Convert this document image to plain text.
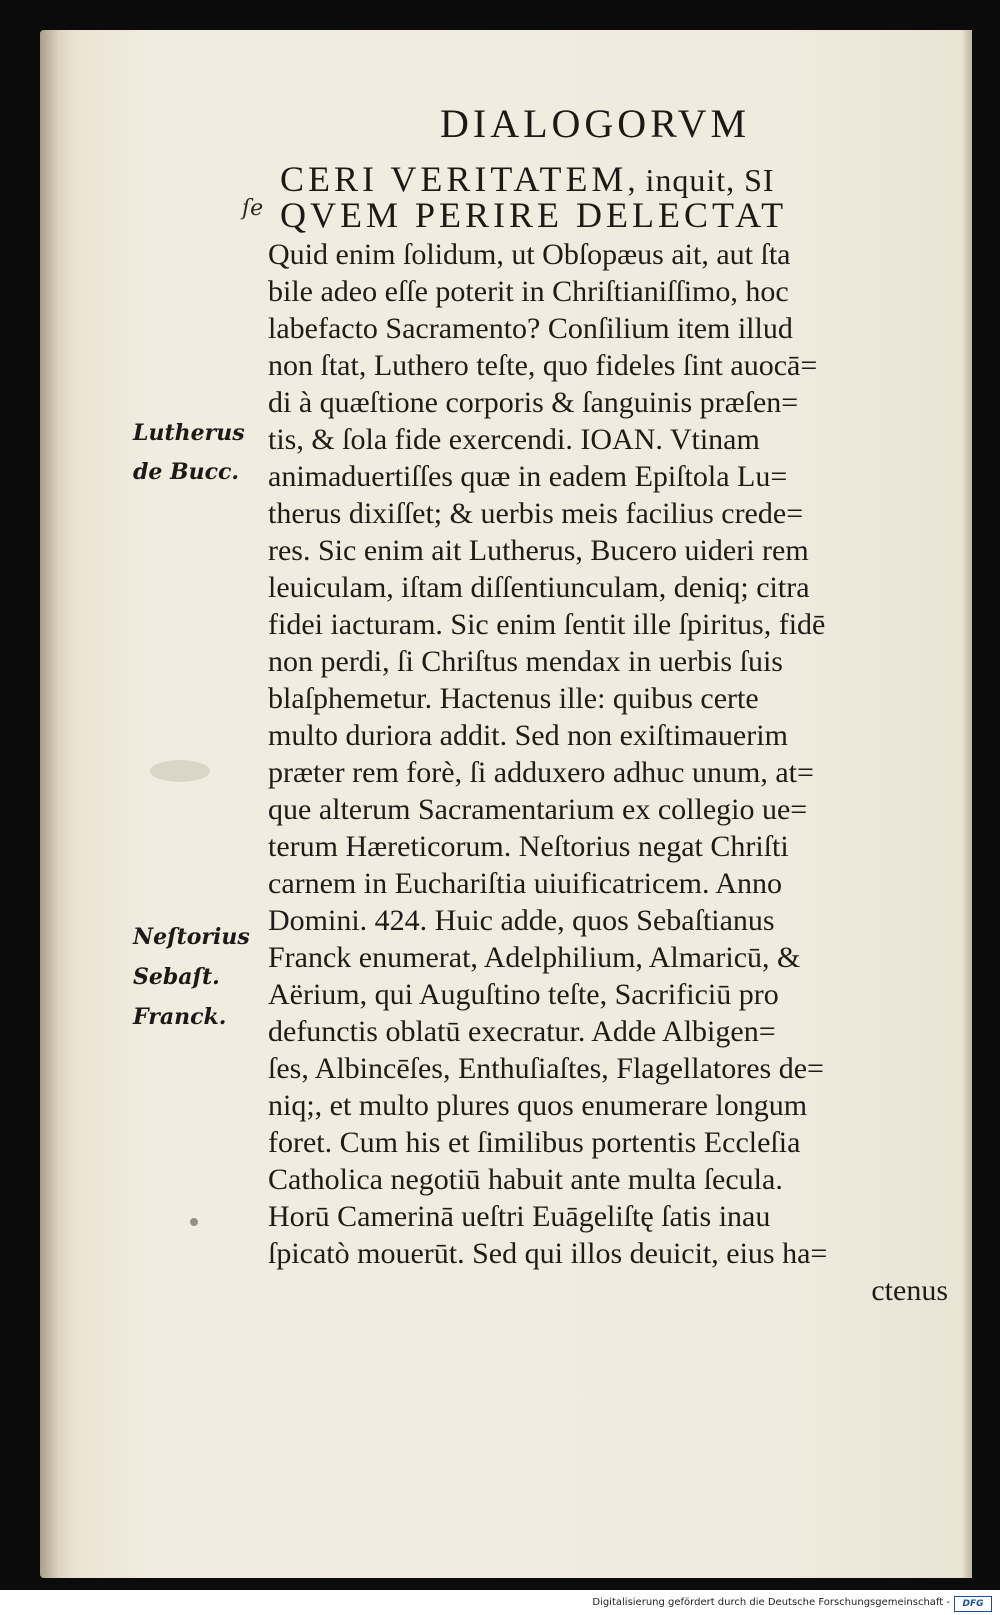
DIALOGORVM
CERI VERITATEM, inquit, SI
ſe QVEM PERIRE DELECTAT
Quid enim ſolidum, ut Obſopæus ait, aut ſta
bile adeo eſſe poterit in Chriſtianiſſimo, hoc
labefacto Sacramento? Conſilium item illud
non ſtat, Luthero teſte, quo fideles ſint auocā=
di à quæſtione corporis & ſanguinis præſen=
tis, & ſola fide exercendi. IOAN. Vtinam
animaduertiſſes quæ in eadem Epiſtola Lu=
therus dixiſſet; & uerbis meis facilius crede=
res. Sic enim ait Lutherus, Bucero uideri rem
leuiculam, iſtam diſſentiunculam, deniq; citra
fidei iacturam. Sic enim ſentit ille ſpiritus, fidē
non perdi, ſi Chriſtus mendax in uerbis ſuis
blaſphemetur. Hactenus ille: quibus certe
multo duriora addit. Sed non exiſtimauerim
præter rem forè, ſi adduxero adhuc unum, at=
que alterum Sacramentarium ex collegio ue=
terum Hæreticorum. Neſtorius negat Chriſti
carnem in Euchariſtia uiuificatricem. Anno
Domini. 424. Huic adde, quos Sebaſtianus
Franck enumerat, Adelphilium, Almaricū, &
Aërium, qui Auguſtino teſte, Sacrificiū pro
defunctis oblatū execratur. Adde Albigen=
ſes, Albincēſes, Enthuſiaſtes, Flagellatores de=
niq;, et multo plures quos enumerare longum
foret. Cum his et ſimilibus portentis Eccleſia
Catholica negotiū habuit ante multa ſecula.
Horū Camerinā ueſtri Euāgeliſtę ſatis inau
ſpicatò mouerūt. Sed qui illos deuicit, eius ha=
ctenus
Lutherus
de Bucc.
Neſtorius
Sebaſt.
Franck.
Digitalisierung gefördert durch die Deutsche Forschungsgemeinschaft -	DFG
